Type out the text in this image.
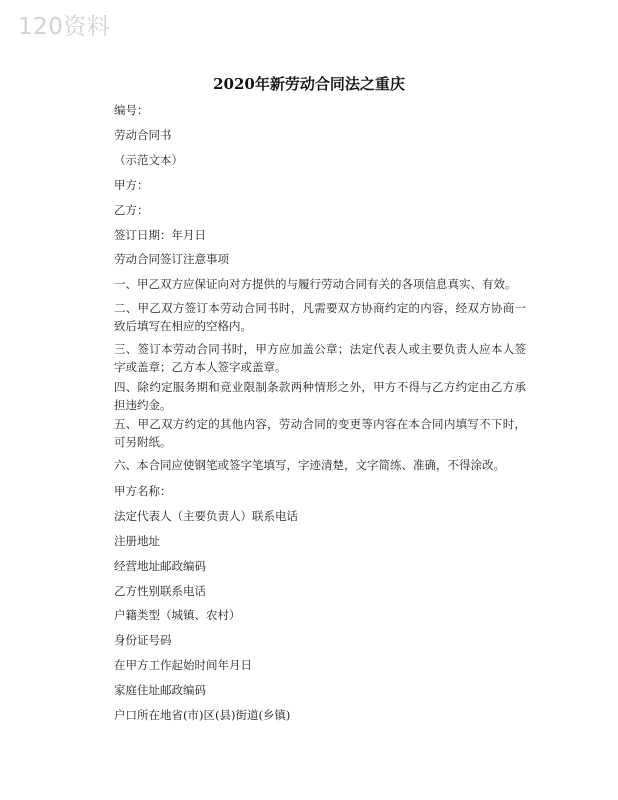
120资料
2020年新劳动合同法之重庆
编号：
劳动合同书
（示范文本）
甲方：
乙方：
签订日期：年月日
劳动合同签订注意事项
一、甲乙双方应保证向对方提供的与履行劳动合同有关的各项信息真实、有效。
二、甲乙双方签订本劳动合同书时，凡需要双方协商约定的内容，经双方协商一致后填写在相应的空格内。
三、签订本劳动合同书时，甲方应加盖公章；法定代表人或主要负责人应本人签字或盖章；乙方本人签字或盖章。
四、除约定服务期和竞业限制条款两种情形之外，甲方不得与乙方约定由乙方承担违约金。
五、甲乙双方约定的其他内容，劳动合同的变更等内容在本合同内填写不下时，可另附纸。
六、本合同应使钢笔或签字笔填写，字迹清楚，文字简练、准确，不得涂改。
甲方名称：
法定代表人（主要负责人）联系电话
注册地址
经营地址邮政编码
乙方性别联系电话
户籍类型（城镇、农村）
身份证号码
在甲方工作起始时间年月日
家庭住址邮政编码
户口所在地省(市)区(县)街道(乡镇)
